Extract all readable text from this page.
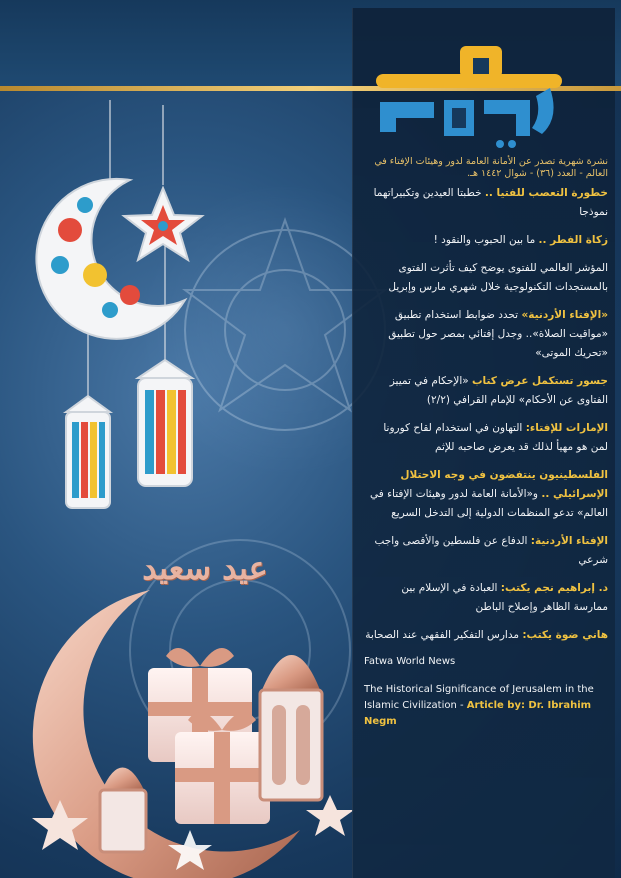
عيد سعيد
جسور
نشرة شهرية تصدر عن الأمانة العامة لدور وهيئات الإفتاء في العالم - العدد (٣٦) - شوال ١٤٤٢ هـ.
خطورة التعصب للفتيا .. خطبتا العيدين وتكبيراتهما نموذجا
زكاة الفطر .. ما بين الحبوب والنقود !
المؤشر العالمي للفتوى يوضح كيف تأثرت الفتوى بالمستجدات التكنولوجية خلال شهري مارس وإبريل
«الإفتاء الأردنية» تحدد ضوابط استخدام تطبيق «مواقيت الصلاة».. وجدل إفتائي بمصر حول تطبيق «تحريك الموتى»
جسور تستكمل عرض كتاب «الإحكام في تمييز الفتاوى عن الأحكام» للإمام القرافي (٢/٢)
الإمارات للإفتاء: التهاون في استخدام لقاح كورونا لمن هو مهيأ لذلك قد يعرض صاحبه للإثم
الفلسطينيون ينتفضون في وجه الاحتلال الإسرائيلي .. و«الأمانة العامة لدور وهيئات الإفتاء في العالم» تدعو المنظمات الدولية إلى التدخل السريع
الإفتاء الأردنية: الدفاع عن فلسطين والأقصى واجب شرعي
د. إبراهيم نجم يكتب: العبادة في الإسلام بين ممارسة الظاهر وإصلاح الباطن
هاني ضوة يكتب: مدارس التفكير الفقهي عند الصحابة
Fatwa World News
The Historical Significance of Jerusalem in the Islamic Civilization - Article by: Dr. Ibrahim Negm
